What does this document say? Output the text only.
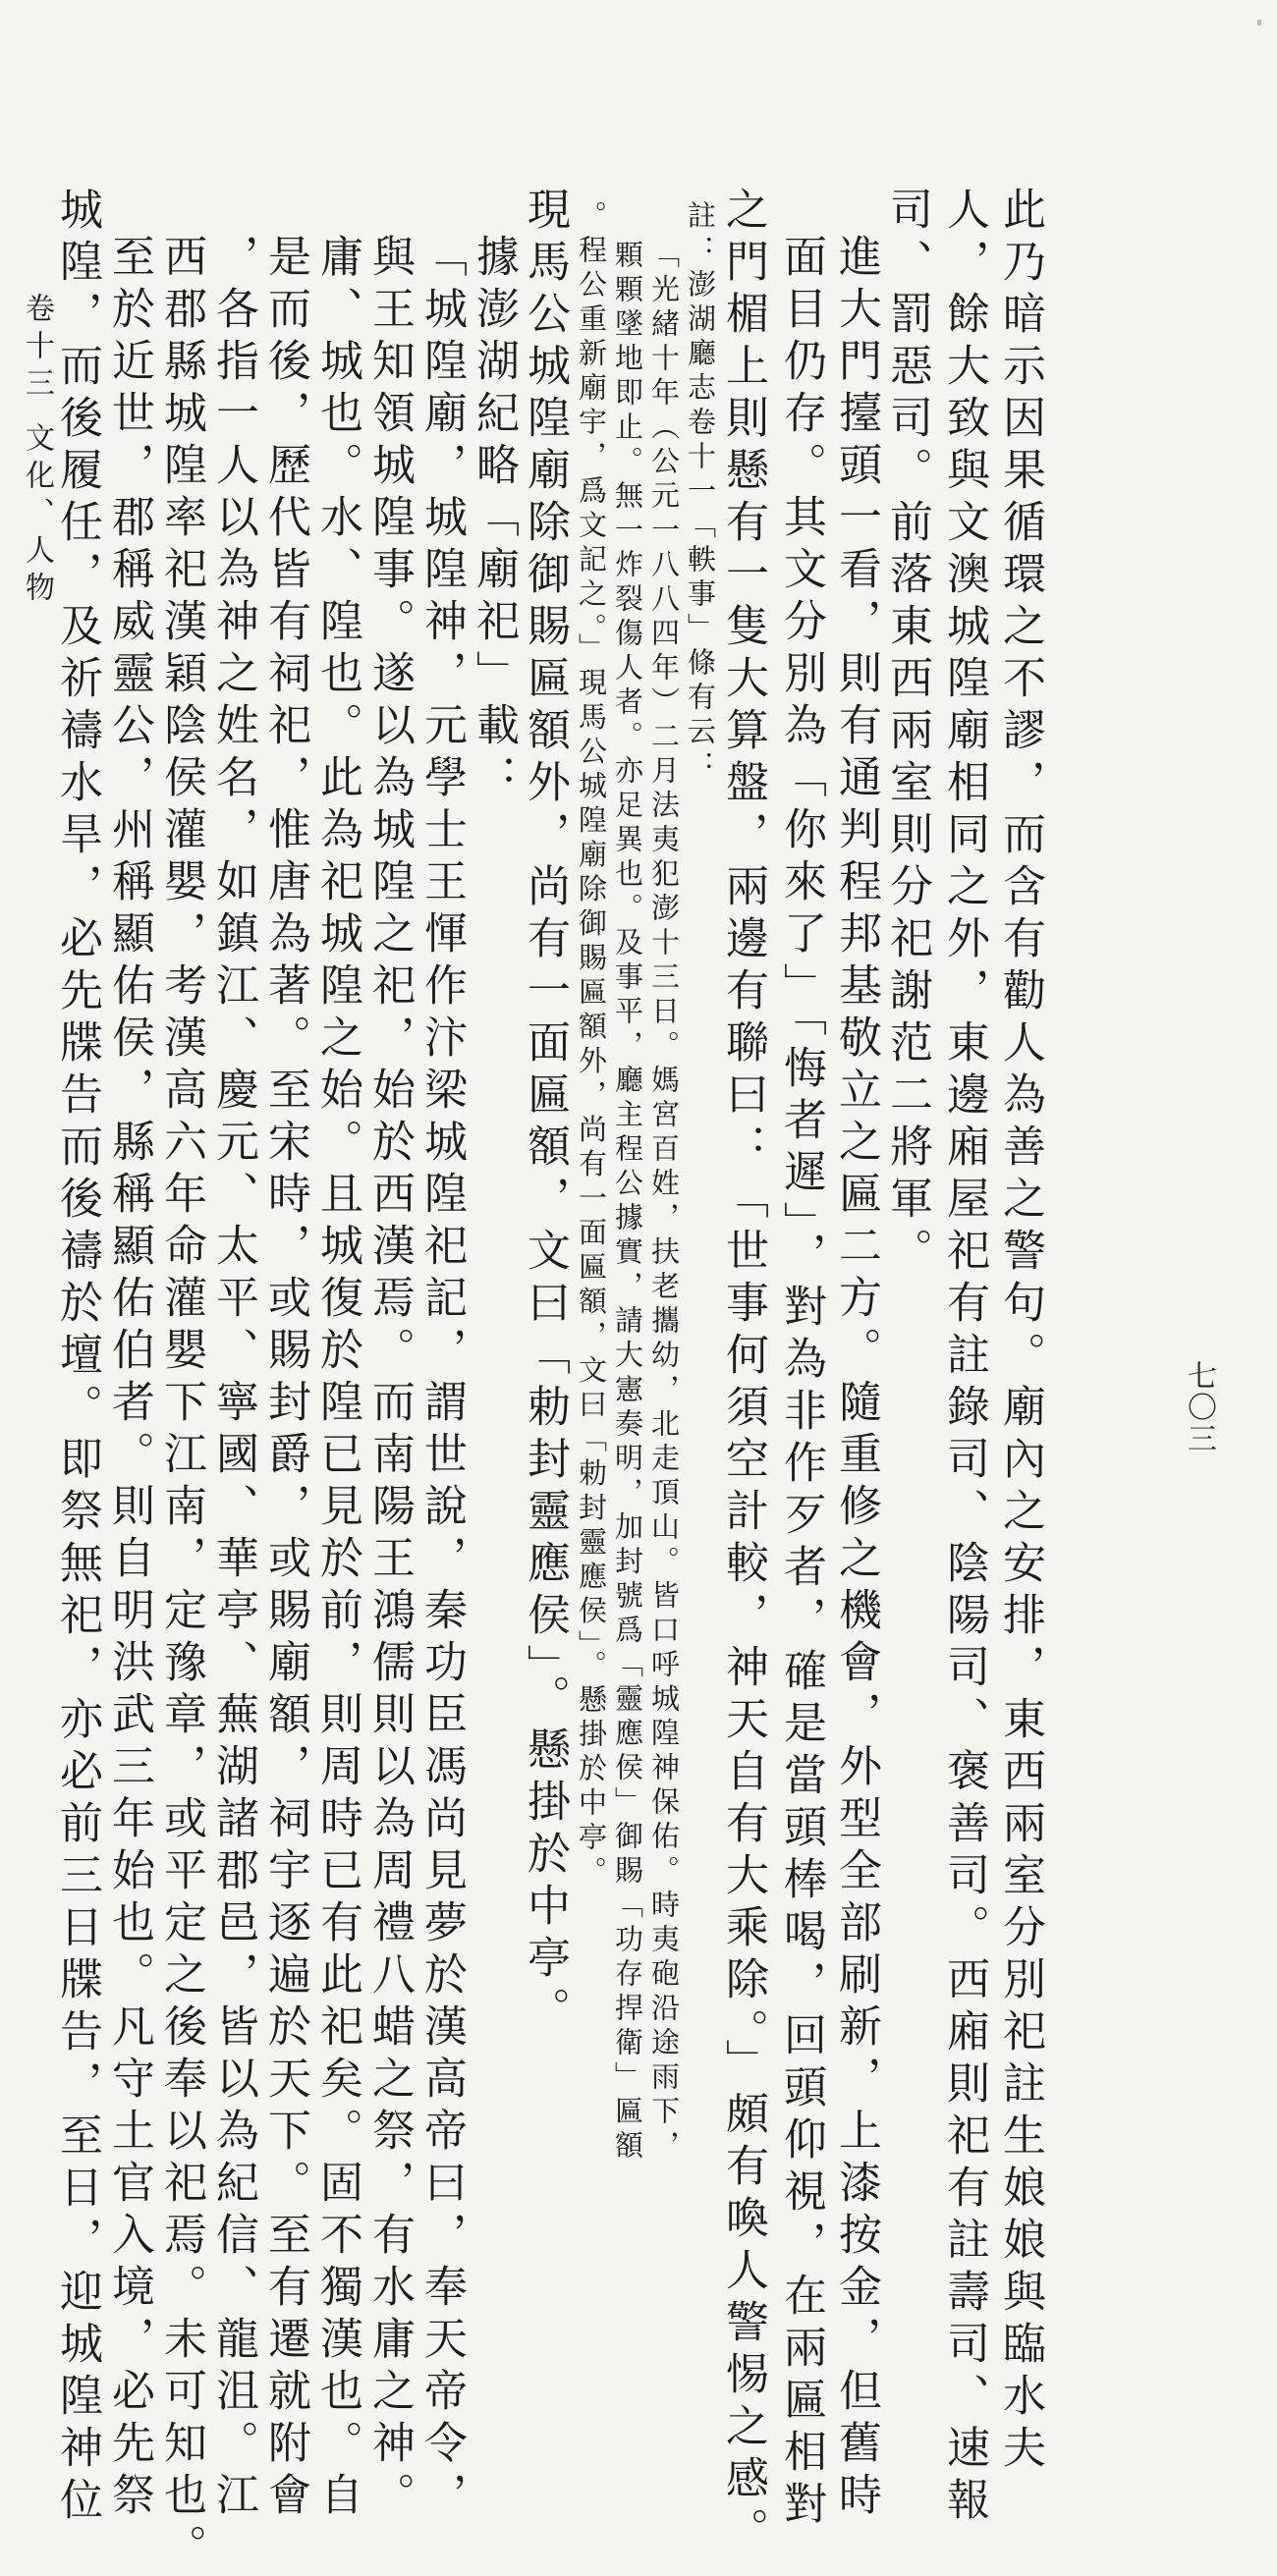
此乃暗示因果循環之不謬，而含有勸人為善之警句。廟內之安排，東西兩室分別祀註生娘娘與臨水夫
人，餘大致與文澳城隍廟相同之外，東邊廂屋祀有註錄司、陰陽司、褒善司。西廂則祀有註壽司、速報
司、罰惡司。前落東西兩室則分祀謝范二將軍。
進大門擡頭一看，則有通判程邦基敬立之匾二方。隨重修之機會，外型全部刷新，上漆按金，但舊時
面目仍存。其文分別為「你來了」「悔者遲」，對為非作歹者，確是當頭棒喝，回頭仰視，在兩匾相對
之門楣上則懸有一隻大算盤，兩邊有聯曰：「世事何須空計較，神天自有大乘除。」頗有喚人警惕之感。
註：澎湖廳志卷十一「軼事」條有云：
「光緒十年（公元一八八四年）二月法夷犯澎十三日。媽宮百姓，扶老攜幼，北走頂山。皆口呼城隍神保佑。時夷砲沿途雨下，
顆顆墜地即止。無一炸裂傷人者。亦足異也。及事平，廳主程公據實，請大憲奏明，加封號爲「靈應侯」御賜「功存捍衛」匾額
。程公重新廟宇，爲文記之。」現馬公城隍廟除御賜匾額外，尚有一面匾額，文曰「勅封靈應侯」。懸掛於中亭。
現馬公城隍廟除御賜匾額外，尚有一面匾額，文曰「勅封靈應侯」。懸掛於中亭。
據澎湖紀略「廟祀」載：
「城隍廟，城隍神，元學士王惲作汴梁城隍祀記，謂世說，秦功臣馮尚見夢於漢高帝曰，奉天帝令，
與王知領城隍事。遂以為城隍之祀，始於西漢焉。而南陽王鴻儒則以為周禮八蜡之祭，有水庸之神。
庸、城也。水、隍也。此為祀城隍之始。且城復於隍已見於前，則周時已有此祀矣。固不獨漢也。自
是而後，歷代皆有祠祀，惟唐為著。至宋時，或賜封爵，或賜廟額，祠宇逐遍於天下。至有遷就附會
，各指一人以為神之姓名，如鎮江、慶元、太平、寧國、華亭、蕪湖諸郡邑，皆以為紀信、龍沮。江
西郡縣城隍率祀漢穎陰侯灌嬰，考漢高六年命灌嬰下江南，定豫章，或平定之後奉以祀焉。未可知也。
至於近世，郡稱威靈公，州稱顯佑侯，縣稱顯佑伯者。則自明洪武三年始也。凡守土官入境，必先祭
城隍，而後履任，及祈禱水旱，必先牒告而後禱於壇。即祭無祀，亦必前三日牒告，至日，迎城隍神位
卷十三
文化、人物
七〇三
